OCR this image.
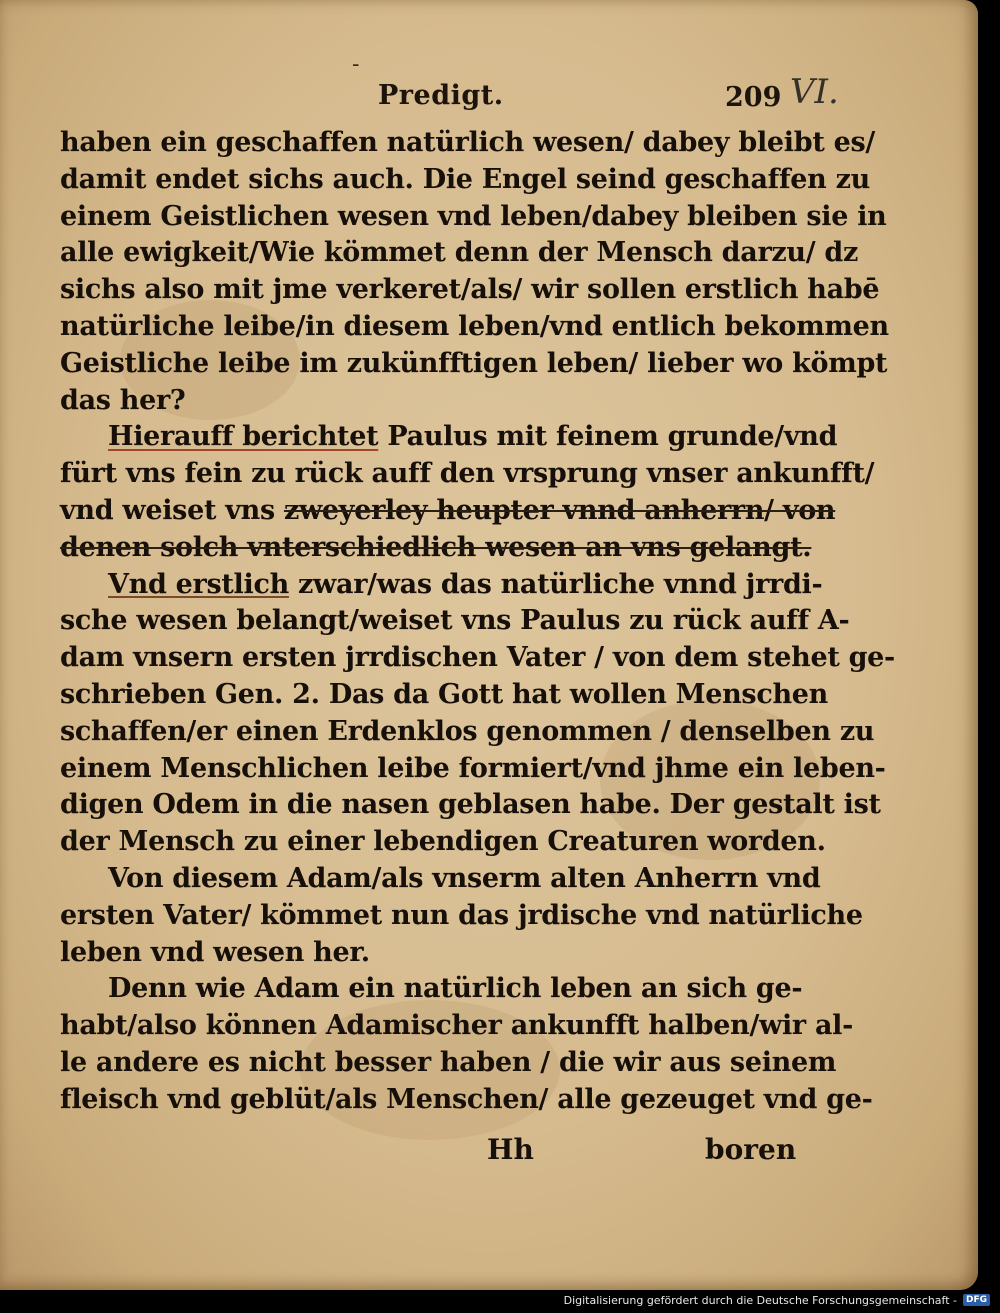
-
Predigt.	209 VI.
haben ein geschaffen natürlich wesen/ dabey bleibt es/
damit endet sichs auch. Die Engel seind geschaffen zu
einem Geistlichen wesen vnd leben/dabey bleiben sie in
alle ewigkeit/Wie kömmet denn der Mensch darzu/ dz
sichs also mit jme verkeret/als/ wir sollen erstlich habē
natürliche leibe/in diesem leben/vnd entlich bekommen
Geistliche leibe im zukünfftigen leben/ lieber wo kömpt
das her?
Hierauff berichtet Paulus mit feinem grunde/vnd
fürt vns fein zu rück auff den vrsprung vnser ankunfft/
vnd weiset vns zweyerley heupter vnnd anherrn/ von
denen solch vnterschiedlich wesen an vns gelangt.
Vnd erstlich zwar/was das natürliche vnnd jrrdi-
sche wesen belangt/weiset vns Paulus zu rück auff A-
dam vnsern ersten jrrdischen Vater / von dem stehet ge-
schrieben Gen. 2. Das da Gott hat wollen Menschen
schaffen/er einen Erdenklos genommen / denselben zu
einem Menschlichen leibe formiert/vnd jhme ein leben-
digen Odem in die nasen geblasen habe. Der gestalt ist
der Mensch zu einer lebendigen Creaturen worden.
Von diesem Adam/als vnserm alten Anherrn vnd
ersten Vater/ kömmet nun das jrdische vnd natürliche
leben vnd wesen her.
Denn wie Adam ein natürlich leben an sich ge-
habt/also können Adamischer ankunfft halben/wir al-
le andere es nicht besser haben / die wir aus seinem
fleisch vnd geblüt/als Menschen/ alle gezeuget vnd ge-
Hh	boren
Digitalisierung gefördert durch die Deutsche Forschungsgemeinschaft -	DFG
